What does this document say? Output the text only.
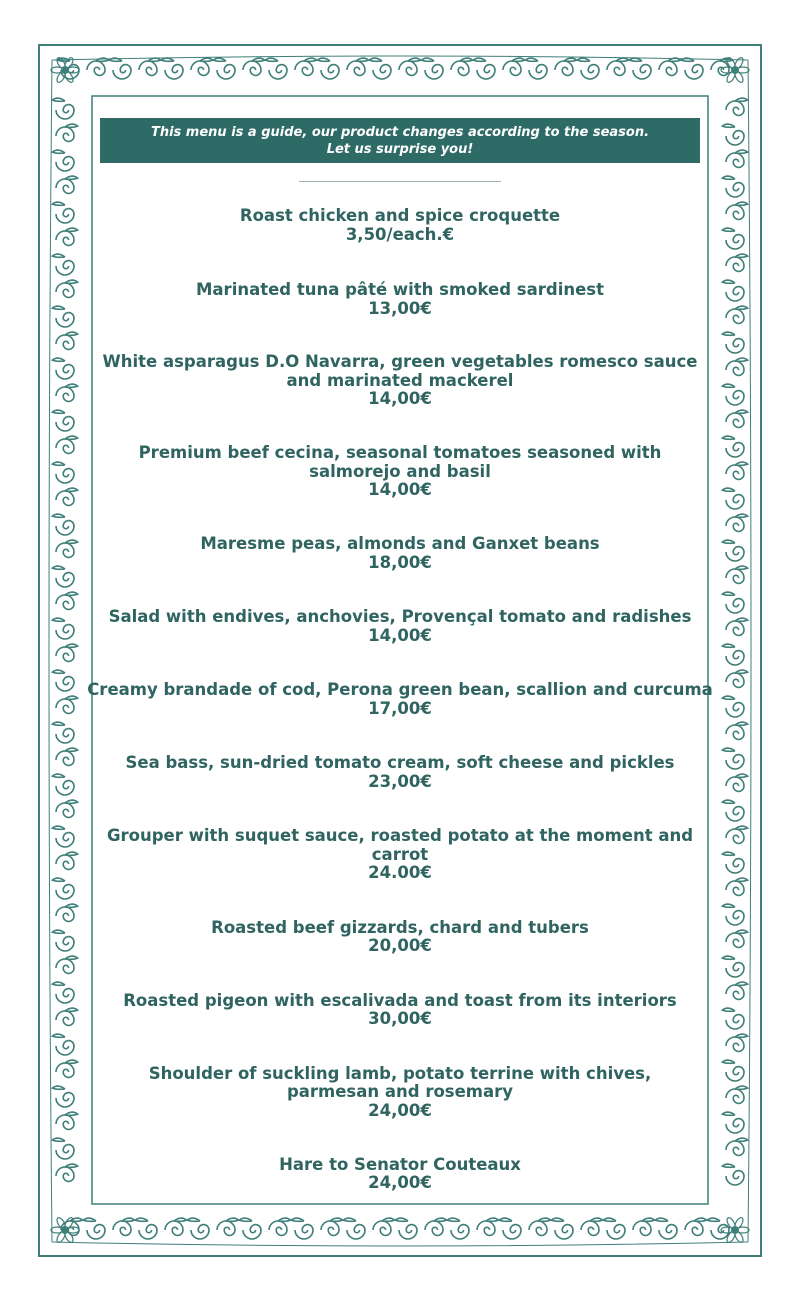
This menu is a guide, our product changes according to the season.
Let us surprise you!
Roast chicken and spice croquette
3,50/each.€
Marinated tuna pâté with smoked sardinest
13,00€
White asparagus D.O Navarra, green vegetables romesco sauce
and marinated mackerel
14,00€
Premium beef cecina, seasonal tomatoes seasoned with
salmorejo and basil
14,00€
Maresme peas, almonds and Ganxet beans
18,00€
Salad with endives, anchovies, Provençal tomato and radishes
14,00€
Creamy brandade of cod, Perona green bean, scallion and curcuma
17,00€
Sea bass, sun-dried tomato cream, soft cheese and pickles
23,00€
Grouper with suquet sauce, roasted potato at the moment and carrot
24.00€
Roasted beef gizzards, chard and tubers
20,00€
Roasted pigeon with escalivada and toast from its interiors
30,00€
Shoulder of suckling lamb, potato terrine with chives,
parmesan and rosemary
24,00€
Hare to Senator Couteaux
24,00€
